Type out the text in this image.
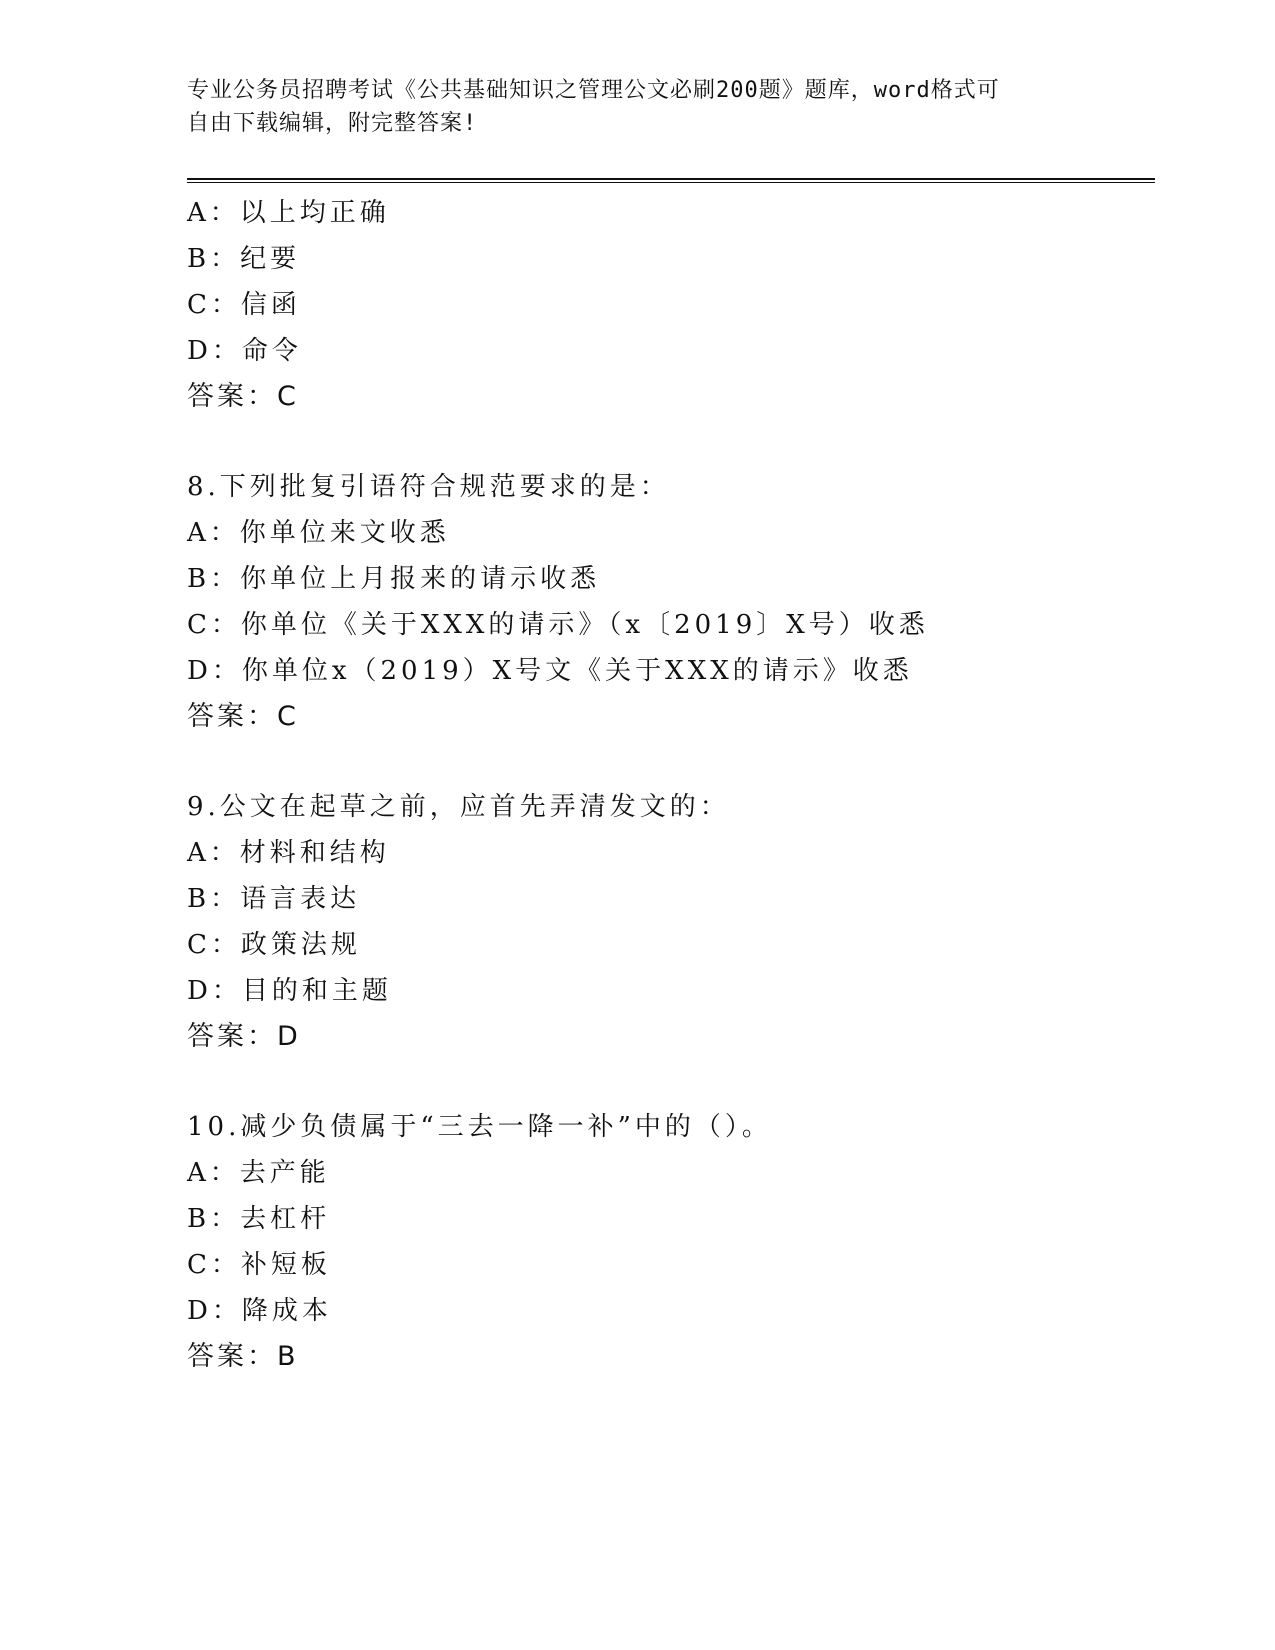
专业公务员招聘考试《公共基础知识之管理公文必刷200题》题库，word格式可
自由下载编辑，附完整答案!
A：以上均正确
B：纪要
C：信函
D：命令
答案：C
8.下列批复引语符合规范要求的是：
A：你单位来文收悉
B：你单位上月报来的请示收悉
C：你单位《关于XXX的请示》（x〔2019〕X号）收悉
D：你单位x（2019）X号文《关于XXX的请示》收悉
答案：C
9.公文在起草之前，应首先弄清发文的：
A：材料和结构
B：语言表达
C：政策法规
D：目的和主题
答案：D
10.减少负债属于“三去一降一补”中的（）。
A：去产能
B：去杠杆
C：补短板
D：降成本
答案：B
